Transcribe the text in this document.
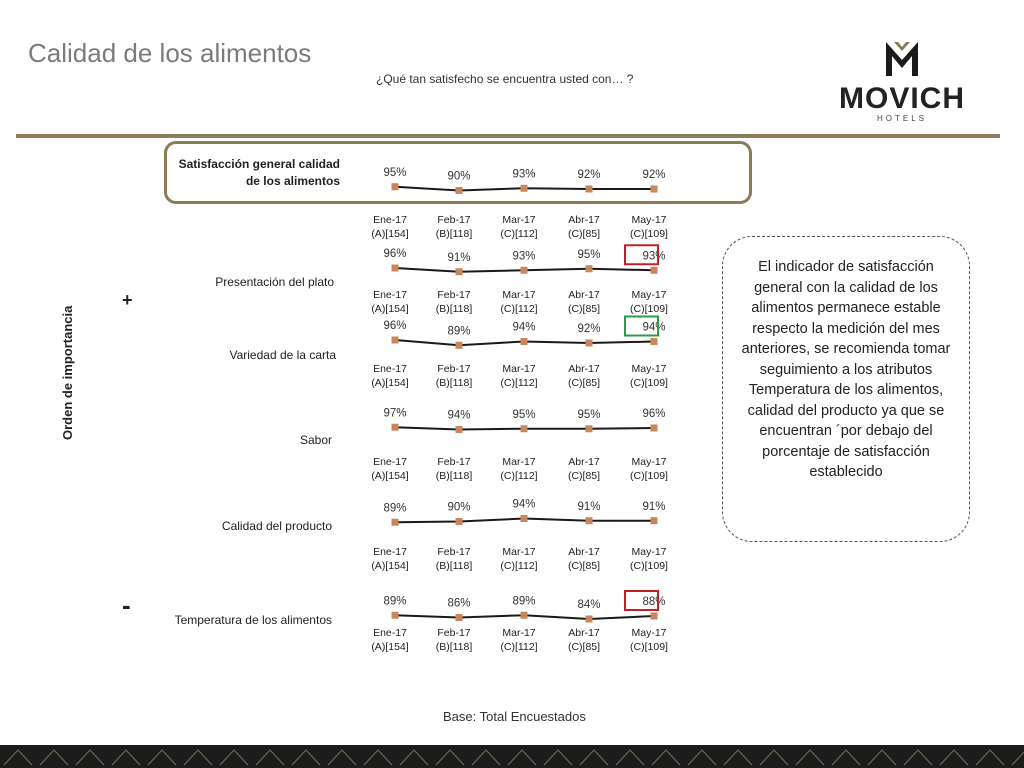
Calidad de los alimentos
¿Qué tan satisfecho se encuentra usted con… ?
MOVICH
HOTELS
Satisfacción general calidad de los alimentos
Presentación del plato
Variedad de la carta
Sabor
Calidad del producto
Temperatura de los alimentos
Orden de importancia
+
-
95%	90%	93%	92%	92%
Ene-17
(A)[154]
Feb-17
(B)[118]
Mar-17
(C)[112]
Abr-17
(C)[85]
May-17
(C)[109]
96%	91%	93%	95%	93%
Ene-17
(A)[154]
Feb-17
(B)[118]
Mar-17
(C)[112]
Abr-17
(C)[85]
May-17
(C)[109]
96%	89%	94%	92%	94%
Ene-17
(A)[154]
Feb-17
(B)[118]
Mar-17
(C)[112]
Abr-17
(C)[85]
May-17
(C)[109]
97%	94%	95%	95%	96%
Ene-17
(A)[154]
Feb-17
(B)[118]
Mar-17
(C)[112]
Abr-17
(C)[85]
May-17
(C)[109]
89%	90%	94%	91%	91%
Ene-17
(A)[154]
Feb-17
(B)[118]
Mar-17
(C)[112]
Abr-17
(C)[85]
May-17
(C)[109]
89%	86%	89%	84%	88%
Ene-17
(A)[154]
Feb-17
(B)[118]
Mar-17
(C)[112]
Abr-17
(C)[85]
May-17
(C)[109]
El indicador de satisfacción general con la calidad de los alimentos permanece estable respecto la medición del mes anteriores, se recomienda tomar seguimiento a los atributos Temperatura de los alimentos, calidad del producto ya que se encuentran ´por debajo del porcentaje de satisfacción establecido
Base: Total Encuestados
